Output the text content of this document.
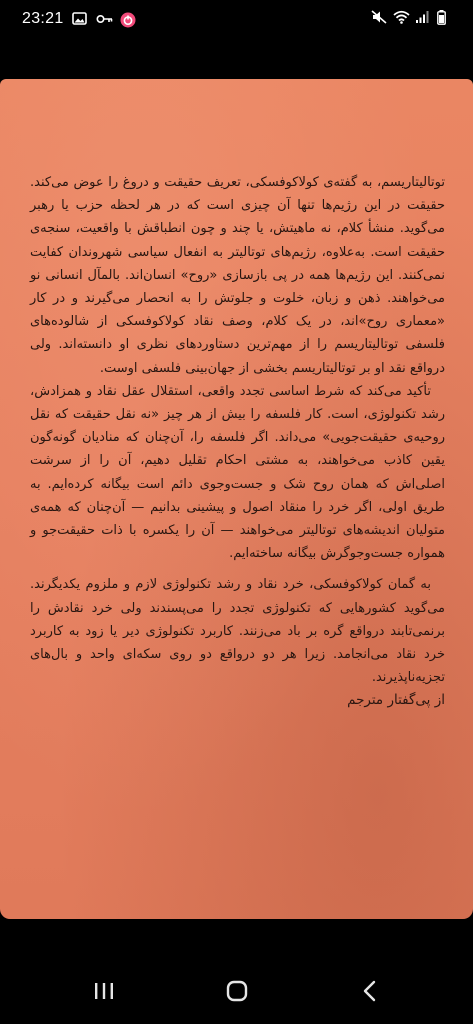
23:21

توتالیتاریسم، به گفته‌ی کولاکوفسکی، تعریف حقیقت و دروغ را عوض می‌کند. حقیقت در این رژیم‌ها تنها آن چیزی است که در هر لحظه حزب یا رهبر می‌گوید. منشأ کلام، نه ماهیتش، یا چند و چون انطباقش با واقعیت، سنجه‌ی حقیقت است. به‌علاوه، رژیم‌های توتالیتر به انفعال سیاسی شهروندان کفایت نمی‌کنند. این رژیم‌ها همه در پی بازسازی «روح» انسان‌اند. بالمآل انسانی نو می‌خواهند. ذهن و زبان، خلوت و جلوتش را به انحصار می‌گیرند و در کار «معماری روح»اند، در یک کلام، وصف نقاد کولاکوفسکی از شالوده‌های فلسفی توتالیتاریسم را از مهم‌ترین دستاوردهای نظری او دانسته‌اند. ولی درواقع نقد او بر توتالیتاریسم بخشی از جهان‌بینی فلسفی اوست.

تأکید می‌کند که شرط اساسی تجدد واقعی، استقلال عقل نقاد و همزادش، رشد تکنولوژی، است. کار فلسفه را بیش از هر چیز «نه نقل حقیقت که نقل روحیه‌ی حقیقت‌جویی» می‌داند. اگر فلسفه را، آن‌چنان که منادیان گونه‌گون یقین کاذب می‌خواهند، به مشتی احکام تقلیل دهیم، آن را از سرشت اصلی‌اش که همان روح شک و جست‌وجوی دائم است بیگانه کرده‌ایم. به طریق اولی، اگر خرد را منقاد اصول و پیشینی بدانیم — آن‌چنان که همه‌ی متولیان اندیشه‌های توتالیتر می‌خواهند — آن را یکسره با ذات حقیقت‌جو و همواره جست‌وجوگرش بیگانه ساخته‌ایم.

به گمان کولاکوفسکی، خرد نقاد و رشد تکنولوژی لازم و ملزوم یکدیگرند. می‌گوید کشورهایی که تکنولوژی تجدد را می‌پسندند ولی خرد نقادش را برنمی‌تابند درواقع گره بر باد می‌زنند. کاربرد تکنولوژی دیر یا زود به کاربرد خرد نقاد می‌انجامد. زیرا هر دو درواقع دو روی سکه‌ای واحد و بال‌های تجزیه‌ناپذیرند.

از پی‌گفتار مترجم
